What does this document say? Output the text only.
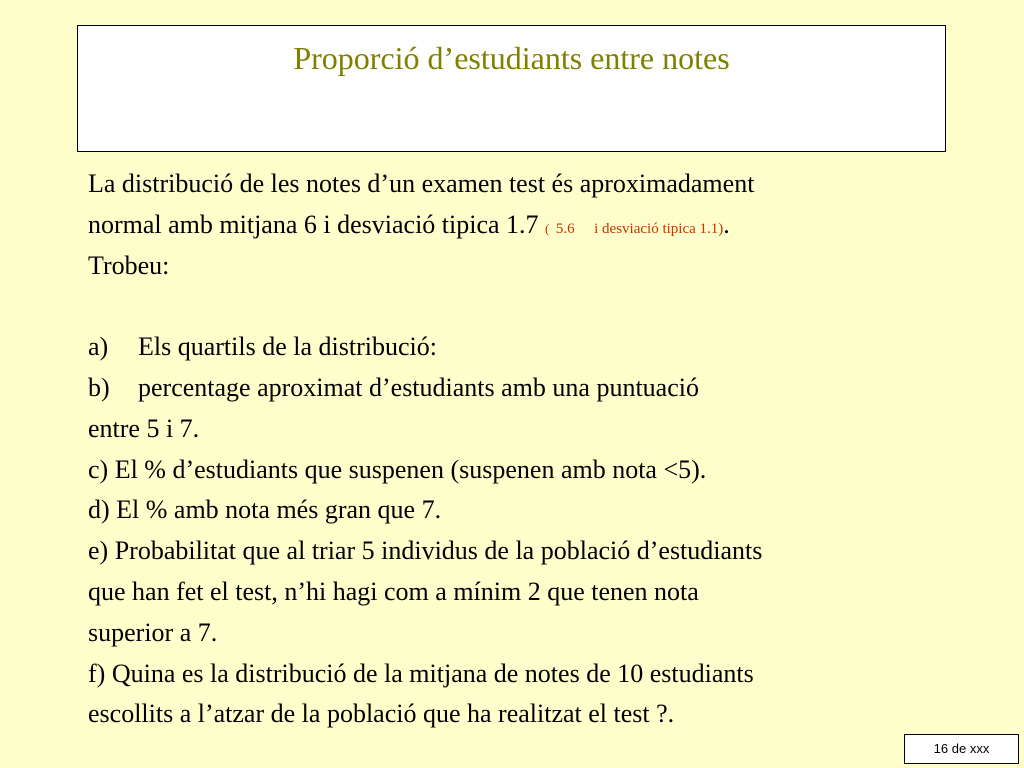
Proporció d’estudiants entre notes
La distribució de les notes d’un examen test és aproximadament
normal amb mitjana 6 i desviació tipica 1.7 ( 5.6 i desviació tipica 1.1).
Trobeu:
a) Els quartils de la distribució:
b) percentage aproximat d’estudiants amb una puntuació
entre 5 i 7.
c) El % d’estudiants que suspenen (suspenen amb nota <5).
d) El % amb nota més gran que 7.
e) Probabilitat que al triar 5 individus de la població d’estudiants
que han fet el test, n’hi hagi com a mínim 2 que tenen nota
superior a 7.
f) Quina es la distribució de la mitjana de notes de 10 estudiants
escollits a l’atzar de la població que ha realitzat el test ?.
16 de xxx
